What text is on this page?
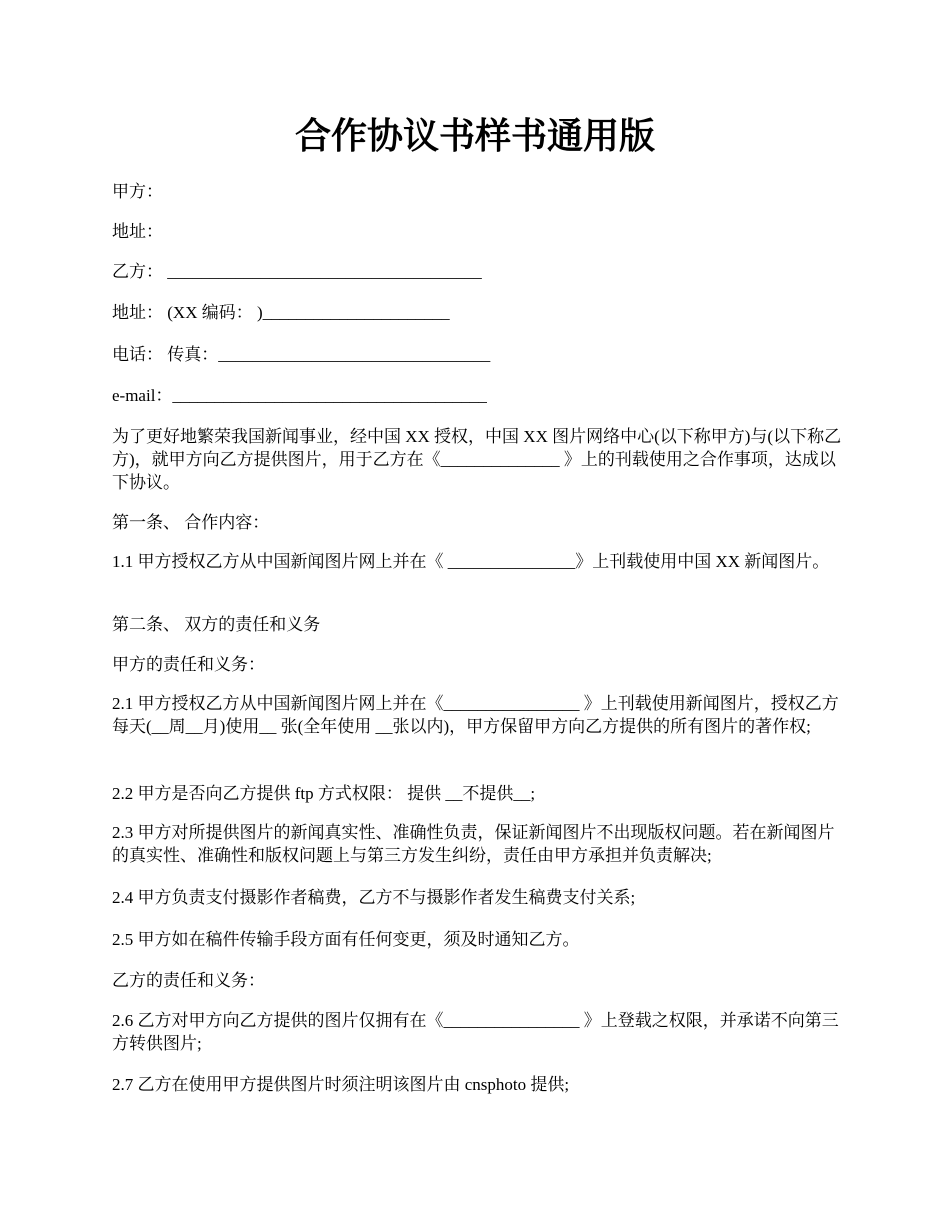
合作协议书样书通用版

甲方：

地址：

乙方： _____________________________________

地址： (XX 编码： )______________________

电话： 传真：________________________________

e-mail：_____________________________________

为了更好地繁荣我国新闻事业，经中国 XX 授权，中国 XX 图片网络中心(以下称甲方)与(以下称乙方)，就甲方向乙方提供图片，用于乙方在《______________ 》上的刊载使用之合作事项，达成以下协议。

第一条、 合作内容：

1.1 甲方授权乙方从中国新闻图片网上并在《 _______________》上刊载使用中国 XX 新闻图片。

第二条、 双方的责任和义务

甲方的责任和义务：

2.1 甲方授权乙方从中国新闻图片网上并在《________________ 》上刊载使用新闻图片，授权乙方每天(__周__月)使用__ 张(全年使用 __张以内)，甲方保留甲方向乙方提供的所有图片的著作权;

2.2 甲方是否向乙方提供 ftp 方式权限： 提供 __不提供__;

2.3 甲方对所提供图片的新闻真实性、准确性负责，保证新闻图片不出现版权问题。若在新闻图片的真实性、准确性和版权问题上与第三方发生纠纷，责任由甲方承担并负责解决;

2.4 甲方负责支付摄影作者稿费，乙方不与摄影作者发生稿费支付关系;

2.5 甲方如在稿件传输手段方面有任何变更，须及时通知乙方。

乙方的责任和义务：

2.6 乙方对甲方向乙方提供的图片仅拥有在《________________ 》上登载之权限，并承诺不向第三方转供图片;

2.7 乙方在使用甲方提供图片时须注明该图片由 cnsphoto 提供;
